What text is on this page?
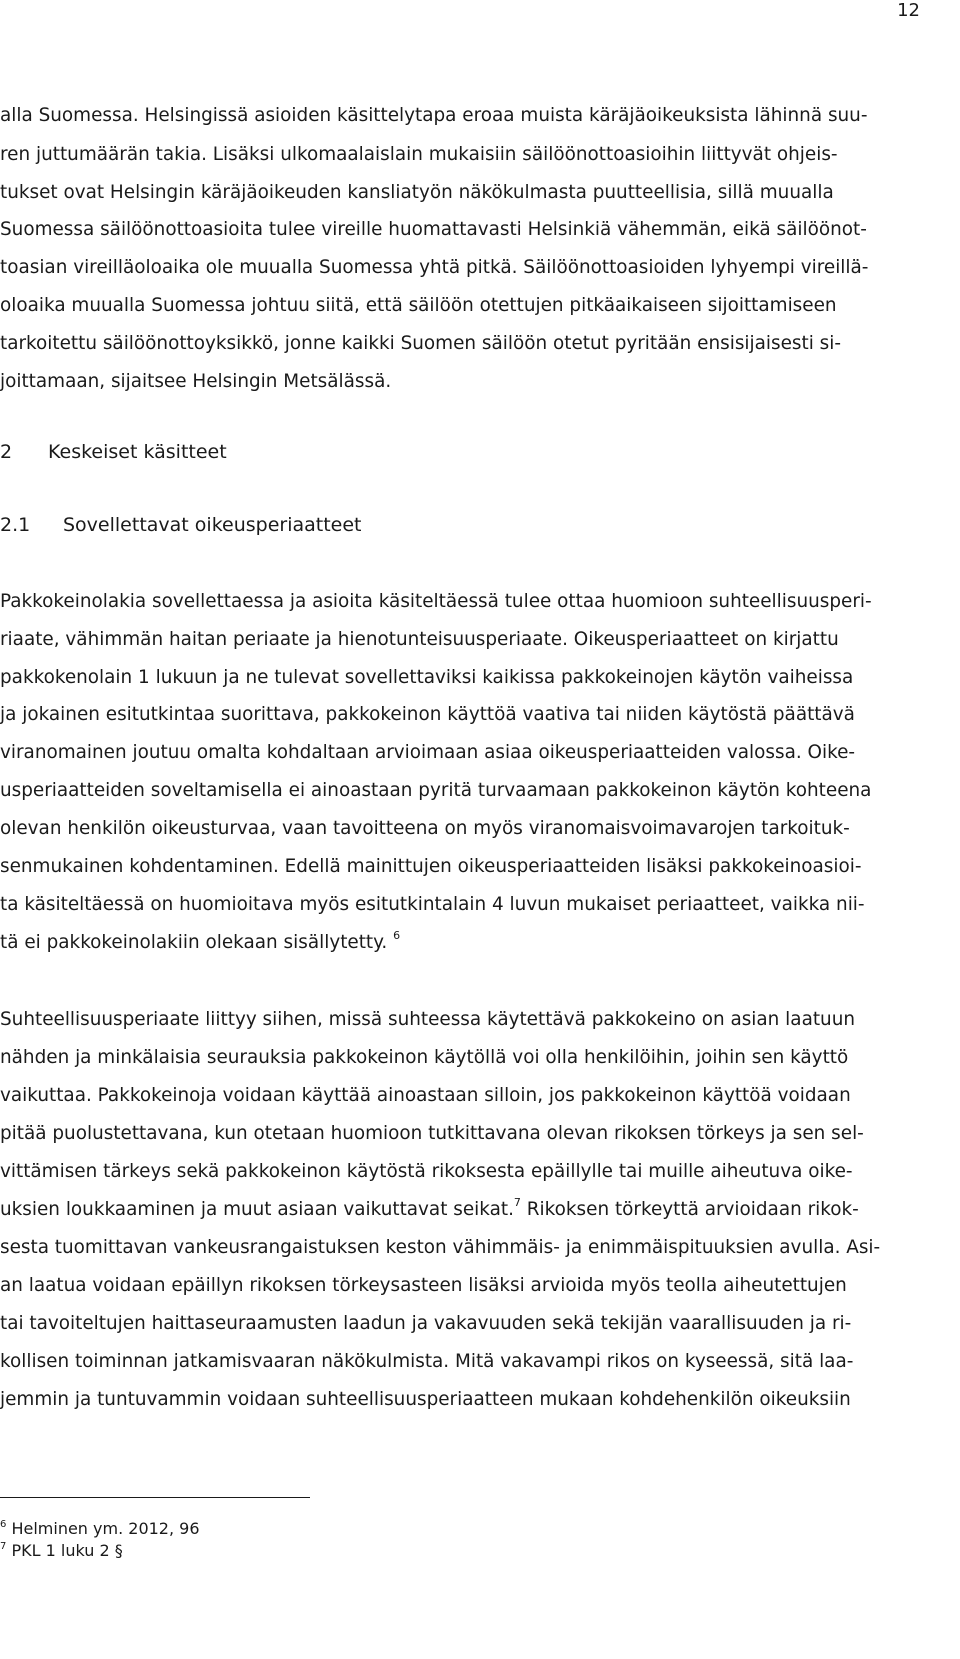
12
alla Suomessa. Helsingissä asioiden käsittelytapa eroaa muista käräjäoikeuksista lähinnä suu-
ren juttumäärän takia. Lisäksi ulkomaalaislain mukaisiin säilöönottoasioihin liittyvät ohjeis-
tukset ovat Helsingin käräjäoikeuden kansliatyön näkökulmasta puutteellisia, sillä muualla
Suomessa säilöönottoasioita tulee vireille huomattavasti Helsinkiä vähemmän, eikä säilöönot-
toasian vireilläoloaika ole muualla Suomessa yhtä pitkä. Säilöönottoasioiden lyhyempi vireillä-
oloaika muualla Suomessa johtuu siitä, että säilöön otettujen pitkäaikaiseen sijoittamiseen
tarkoitettu säilöönottoyksikkö, jonne kaikki Suomen säilöön otetut pyritään ensisijaisesti si-
joittamaan, sijaitsee Helsingin Metsälässä.
2 Keskeiset käsitteet
2.1 Sovellettavat oikeusperiaatteet
Pakkokeinolakia sovellettaessa ja asioita käsiteltäessä tulee ottaa huomioon suhteellisuusperi-
riaate, vähimmän haitan periaate ja hienotunteisuusperiaate. Oikeusperiaatteet on kirjattu
pakkokenolain 1 lukuun ja ne tulevat sovellettaviksi kaikissa pakkokeinojen käytön vaiheissa
ja jokainen esitutkintaa suorittava, pakkokeinon käyttöä vaativa tai niiden käytöstä päättävä
viranomainen joutuu omalta kohdaltaan arvioimaan asiaa oikeusperiaatteiden valossa. Oike-
usperiaatteiden soveltamisella ei ainoastaan pyritä turvaamaan pakkokeinon käytön kohteena
olevan henkilön oikeusturvaa, vaan tavoitteena on myös viranomaisvoimavarojen tarkoituk-
senmukainen kohdentaminen. Edellä mainittujen oikeusperiaatteiden lisäksi pakkokeinoasioi-
ta käsiteltäessä on huomioitava myös esitutkintalain 4 luvun mukaiset periaatteet, vaikka nii-
tä ei pakkokeinolakiin olekaan sisällytetty. $^6$
Suhteellisuusperiaate liittyy siihen, missä suhteessa käytettävä pakkokeino on asian laatuun
nähden ja minkälaisia seurauksia pakkokeinon käytöllä voi olla henkilöihin, joihin sen käyttö
vaikuttaa. Pakkokeinoja voidaan käyttää ainoastaan silloin, jos pakkokeinon käyttöä voidaan
pitää puolustettavana, kun otetaan huomioon tutkittavana olevan rikoksen törkeys ja sen sel-
vittämisen tärkeys sekä pakkokeinon käytöstä rikoksesta epäillylle tai muille aiheutuva oike-
uksien loukkaaminen ja muut asiaan vaikuttavat seikat.$^7$ Rikoksen törkeyttä arvioidaan rikok-
sesta tuomittavan vankeusrangaistuksen keston vähimmäis- ja enimmäispituuksien avulla. Asi-
an laatua voidaan epäillyn rikoksen törkeysasteen lisäksi arvioida myös teolla aiheutettujen
tai tavoiteltujen haittaseuraamusten laadun ja vakavuuden sekä tekijän vaarallisuuden ja ri-
kollisen toiminnan jatkamisvaaran näkökulmista. Mitä vakavampi rikos on kyseessä, sitä laa-
jemmin ja tuntuvammin voidaan suhteellisuusperiaatteen mukaan kohdehenkilön oikeuksiin
$^6$ Helminen ym. 2012, 96
$^7$ PKL 1 luku 2 §
